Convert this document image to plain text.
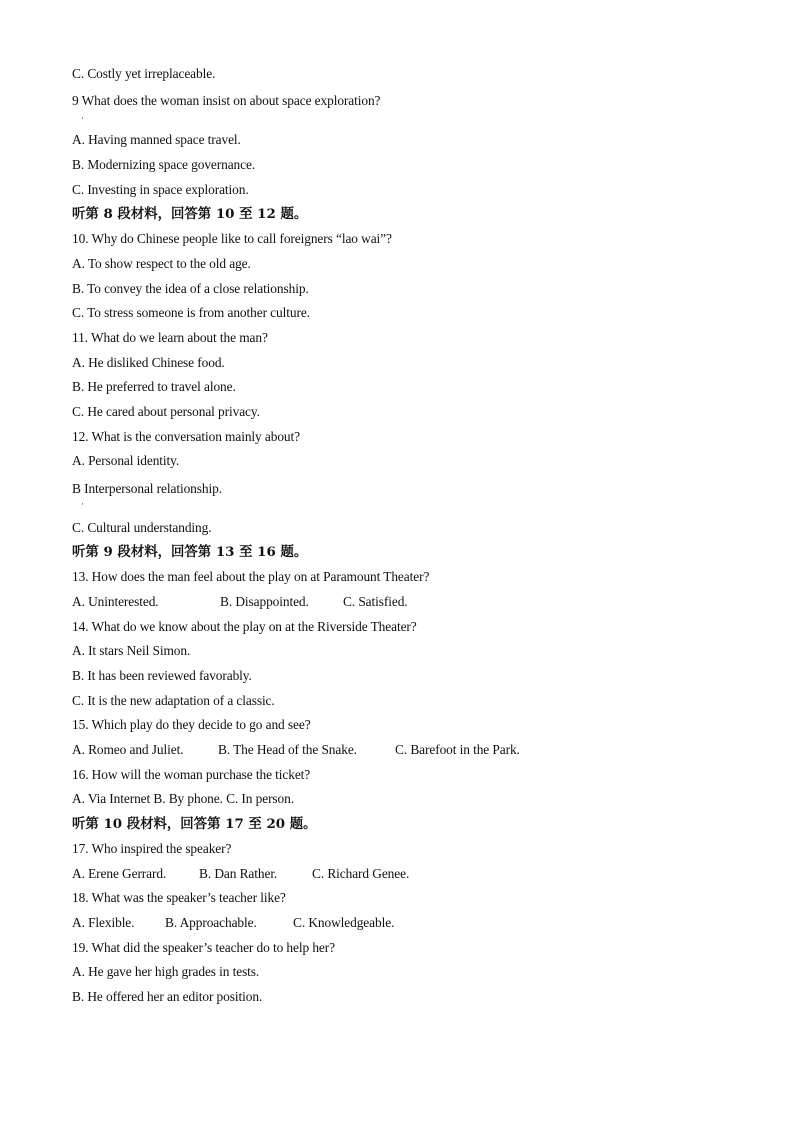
C. Costly yet irreplaceable.
9 What does the woman insist on about space exploration?
·
A. Having manned space travel.
B. Modernizing space governance.
C. Investing in space exploration.
听第 8 段材料，回答第 10 至 12 题。
10. Why do Chinese people like to call foreigners “lao wai”?
A. To show respect to the old age.
B. To convey the idea of a close relationship.
C. To stress someone is from another culture.
11. What do we learn about the man?
A. He disliked Chinese food.
B. He preferred to travel alone.
C. He cared about personal privacy.
12. What is the conversation mainly about?
A. Personal identity.
B Interpersonal relationship.
·
C. Cultural understanding.
听第 9 段材料，回答第 13 至 16 题。
13. How does the man feel about the play on at Paramount Theater?
A. Uninterested.	B. Disappointed.	C. Satisfied.
14. What do we know about the play on at the Riverside Theater?
A. It stars Neil Simon.
B. It has been reviewed favorably.
C. It is the new adaptation of a classic.
15. Which play do they decide to go and see?
A. Romeo and Juliet.	B. The Head of the Snake.	C. Barefoot in the Park.
16. How will the woman purchase the ticket?
A. Via Internet B. By phone. C. In person.
听第 10 段材料，回答第 17 至 20 题。
17. Who inspired the speaker?
A. Erene Gerrard. B. Dan Rather.	C. Richard Genee.
18. What was the speaker’s teacher like?
A. Flexible. B. Approachable.	C. Knowledgeable.
19. What did the speaker’s teacher do to help her?
A. He gave her high grades in tests.
B. He offered her an editor position.
